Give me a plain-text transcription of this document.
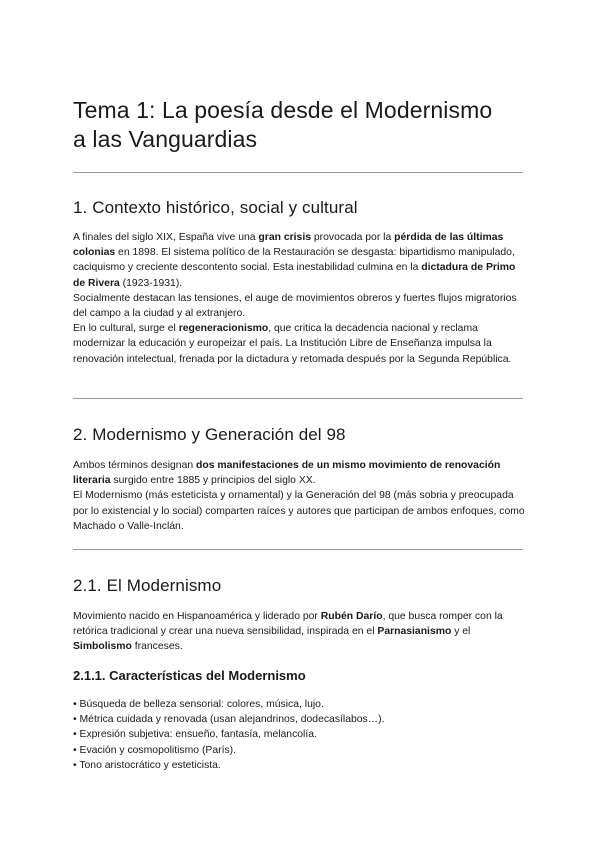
Tema 1: La poesía desde el Modernismo
a las Vanguardias
1. Contexto histórico, social y cultural

A finales del siglo XIX, España vive una gran crisis provocada por la pérdida de las últimas colonias en 1898. El sistema político de la Restauración se desgasta: bipartidismo manipulado, caciquismo y creciente descontento social. Esta inestabilidad culmina en la dictadura de Primo de Rivera (1923-1931).

Socialmente destacan las tensiones, el auge de movimientos obreros y fuertes flujos migratorios del campo a la ciudad y al extranjero.

En lo cultural, surge el regeneracionismo, que critica la decadencia nacional y reclama modernizar la educación y europeizar el país. La Institución Libre de Enseñanza impulsa la renovación intelectual, frenada por la dictadura y retomada después por la Segunda República.

2. Modernismo y Generación del 98

Ambos términos designan dos manifestaciones de un mismo movimiento de renovación literaria surgido entre 1885 y principios del siglo XX.

El Modernismo (más esteticista y ornamental) y la Generación del 98 (más sobria y preocupada por lo existencial y lo social) comparten raíces y autores que participan de ambos enfoques, como Machado o Valle-Inclán.

2.1. El Modernismo

Movimiento nacido en Hispanoamérica y liderado por Rubén Darío, que busca romper con la retórica tradicional y crear una nueva sensibilidad, inspirada en el Parnasianismo y el Simbolismo franceses.

2.1.1. Características del Modernismo
• Búsqueda de belleza sensorial: colores, música, lujo.
• Métrica cuidada y renovada (usan alejandrinos, dodecasílabos…).
• Expresión subjetiva: ensueño, fantasía, melancolía.
• Evación y cosmopolitismo (París).
• Tono aristocrático y esteticista.
